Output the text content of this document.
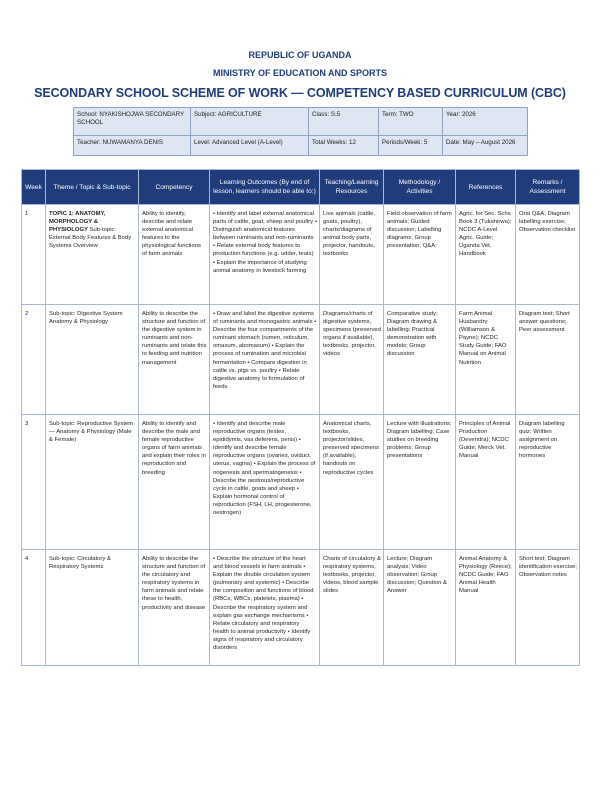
REPUBLIC OF UGANDA
MINISTRY OF EDUCATION AND SPORTS
SECONDARY SCHOOL SCHEME OF WORK — COMPETENCY BASED CURRICULUM (CBC)
School: NYAKISHOJWA SECONDARY SCHOOL	Subject: AGRICULTURE	Class: S.5	Term: TWO	Year: 2026
Teacher: NUWAMANYA DENIS	Level: Advanced Level (A-Level)	Total Weeks: 12	Periods/Week: 5	Date: May – August 2026
Week	Theme / Topic & Sub-topic	Competency	Learning Outcomes (By end of lesson, learners should be able to:)	Teaching/Learning Resources	Methodology / Activities	References	Remarks / Assessment
1	TOPIC 1: ANATOMY, MORPHOLOGY & PHYSIOLOGY Sub-topic: External Body Features & Body Systems Overview	Ability to identify, describe and relate external anatomical features to the physiological functions of farm animals	• Identify and label external anatomical parts of cattle, goat, sheep and poultry • Distinguish anatomical features between ruminants and non-ruminants • Relate external body features to production functions (e.g. udder, teats) • Explain the importance of studying animal anatomy in livestock farming	Live animals (cattle, goats, poultry), charts/diagrams of animal body parts, projector, handouts, textbooks	Field observation of farm animals; Guided discussion; Labelling diagrams; Group presentation; Q&A;	Agric. for Sec. Schs Book 3 (Tukahirwa); NCDC A-Level Agric. Guide; Uganda Vet. Handbook	Oral Q&A; Diagram labelling exercise; Observation checklist
2	Sub-topic: Digestive System Anatomy & Physiology	Ability to describe the structure and function of the digestive system in ruminants and non-ruminants and relate this to feeding and nutrition management	• Draw and label the digestive systems of ruminants and monogastric animals • Describe the four compartments of the ruminant stomach (rumen, reticulum, omasum, abomasum) • Explain the process of rumination and microbial fermentation • Compare digestion in cattle vs. pigs vs. poultry • Relate digestive anatomy to formulation of feeds	Diagrams/charts of digestive systems, specimens (preserved organs if available), textbooks, projector, videos	Comparative study; Diagram drawing & labelling; Practical demonstration with models; Group discussion	Farm Animal Husbandry (Williamson & Payne); NCDC Study Guide; FAO Manual on Animal Nutrition	Diagram test; Short answer questions; Peer assessment
3	Sub-topic: Reproductive System — Anatomy & Physiology (Male & Female)	Ability to identify and describe the male and female reproductive organs of farm animals and explain their roles in reproduction and breeding	• Identify and describe male reproductive organs (testes, epididymis, vas deferens, penis) • Identify and describe female reproductive organs (ovaries, oviduct, uterus, vagina) • Explain the process of oogenesis and spermatogenesis • Describe the oestrous/reproductive cycle in cattle, goats and sheep • Explain hormonal control of reproduction (FSH, LH, progesterone, oestrogen)	Anatomical charts, textbooks, projector/slides, preserved specimens (if available), handouts on reproductive cycles	Lecture with illustrations; Diagram labelling; Case studies on breeding problems; Group presentations	Principles of Animal Production (Devendra); NCDC Guide; Merck Vet. Manual	Diagram labelling quiz; Written assignment on reproductive hormones
4	Sub-topic: Circulatory & Respiratory Systems	Ability to describe the structure and function of the circulatory and respiratory systems in farm animals and relate these to health, productivity and disease	• Describe the structure of the heart and blood vessels in farm animals • Explain the double circulation system (pulmonary and systemic) • Describe the composition and functions of blood (RBCs, WBCs, platelets, plasma) • Describe the respiratory system and explain gas exchange mechanisms • Relate circulatory and respiratory health to animal productivity • Identify signs of respiratory and circulatory disorders	Charts of circulatory & respiratory systems, textbooks, projector, videos, blood sample slides	Lecture; Diagram analysis; Video observation; Group discussion; Question & Answer	Animal Anatomy & Physiology (Reece); NCDC Guide; FAO Animal Health Manual	Short test; Diagram identification exercise; Observation notes
